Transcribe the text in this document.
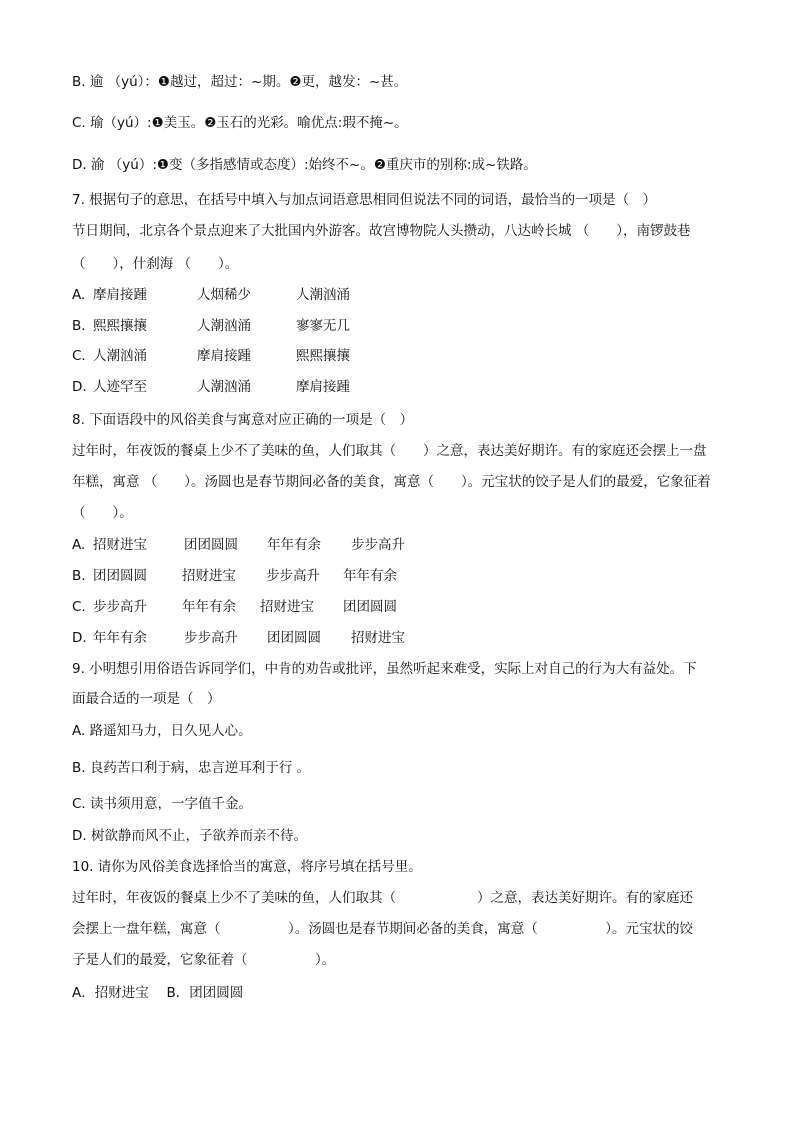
B. 逾 （yú）：❶越过，超过：~期。❷更，越发：~甚。
C. 瑜（yú）:❶美玉。❷玉石的光彩。喻优点:瑕不掩~。
D. 渝 （yú）:❶变（多指感情或态度）:始终不~。❷重庆市的别称:成~铁路。
7. 根据句子的意思，在括号中填入与加点词语意思相同但说法不同的词语，最恰当的一项是（　）
节日期间，北京各个景点迎来了大批国内外游客。故宫博物院人头攒动，八达岭长城 （　　），南锣鼓巷
（　　），什刹海 （　　）。
A. 摩肩接踵	人烟稀少	人潮汹涌
B. 熙熙攘攘	人潮汹涌	寥寥无几
C. 人潮汹涌	摩肩接踵	熙熙攘攘
D. 人迹罕至	人潮汹涌	摩肩接踵
8. 下面语段中的风俗美食与寓意对应正确的一项是（　）
过年时，年夜饭的餐桌上少不了美味的鱼，人们取其（　　）之意，表达美好期许。有的家庭还会摆上一盘
年糕，寓意 （　　）。汤圆也是春节期间必备的美食，寓意（　　）。元宝状的饺子是人们的最爱，它象征着
（　　）。
A. 招财进宝	团团圆圆 年年有余 步步高升
B. 团团圆圆	招财进宝 步步高升 年年有余
C. 步步高升	年年有余 招财进宝 团团圆圆
D. 年年有余	步步高升 团团圆圆 招财进宝
9. 小明想引用俗语告诉同学们，中肯的劝告或批评，虽然听起来难受，实际上对自己的行为大有益处。下
面最合适的一项是（　）
A. 路遥知马力，日久见人心。
B. 良药苦口利于病，忠言逆耳利于行 。
C. 读书须用意，一字值千金。
D. 树欲静而风不止，子欲养而亲不待。
10. 请你为风俗美食选择恰当的寓意，将序号填在括号里。
过年时，年夜饭的餐桌上少不了美味的鱼，人们取其（　　　　　　）之意，表达美好期许。有的家庭还
会摆上一盘年糕，寓意（　　　　　）。汤圆也是春节期间必备的美食，寓意（　　　　　）。元宝状的饺
子是人们的最爱，它象征着（　　　　　）。
A．招财进宝　 B．团团圆圆
